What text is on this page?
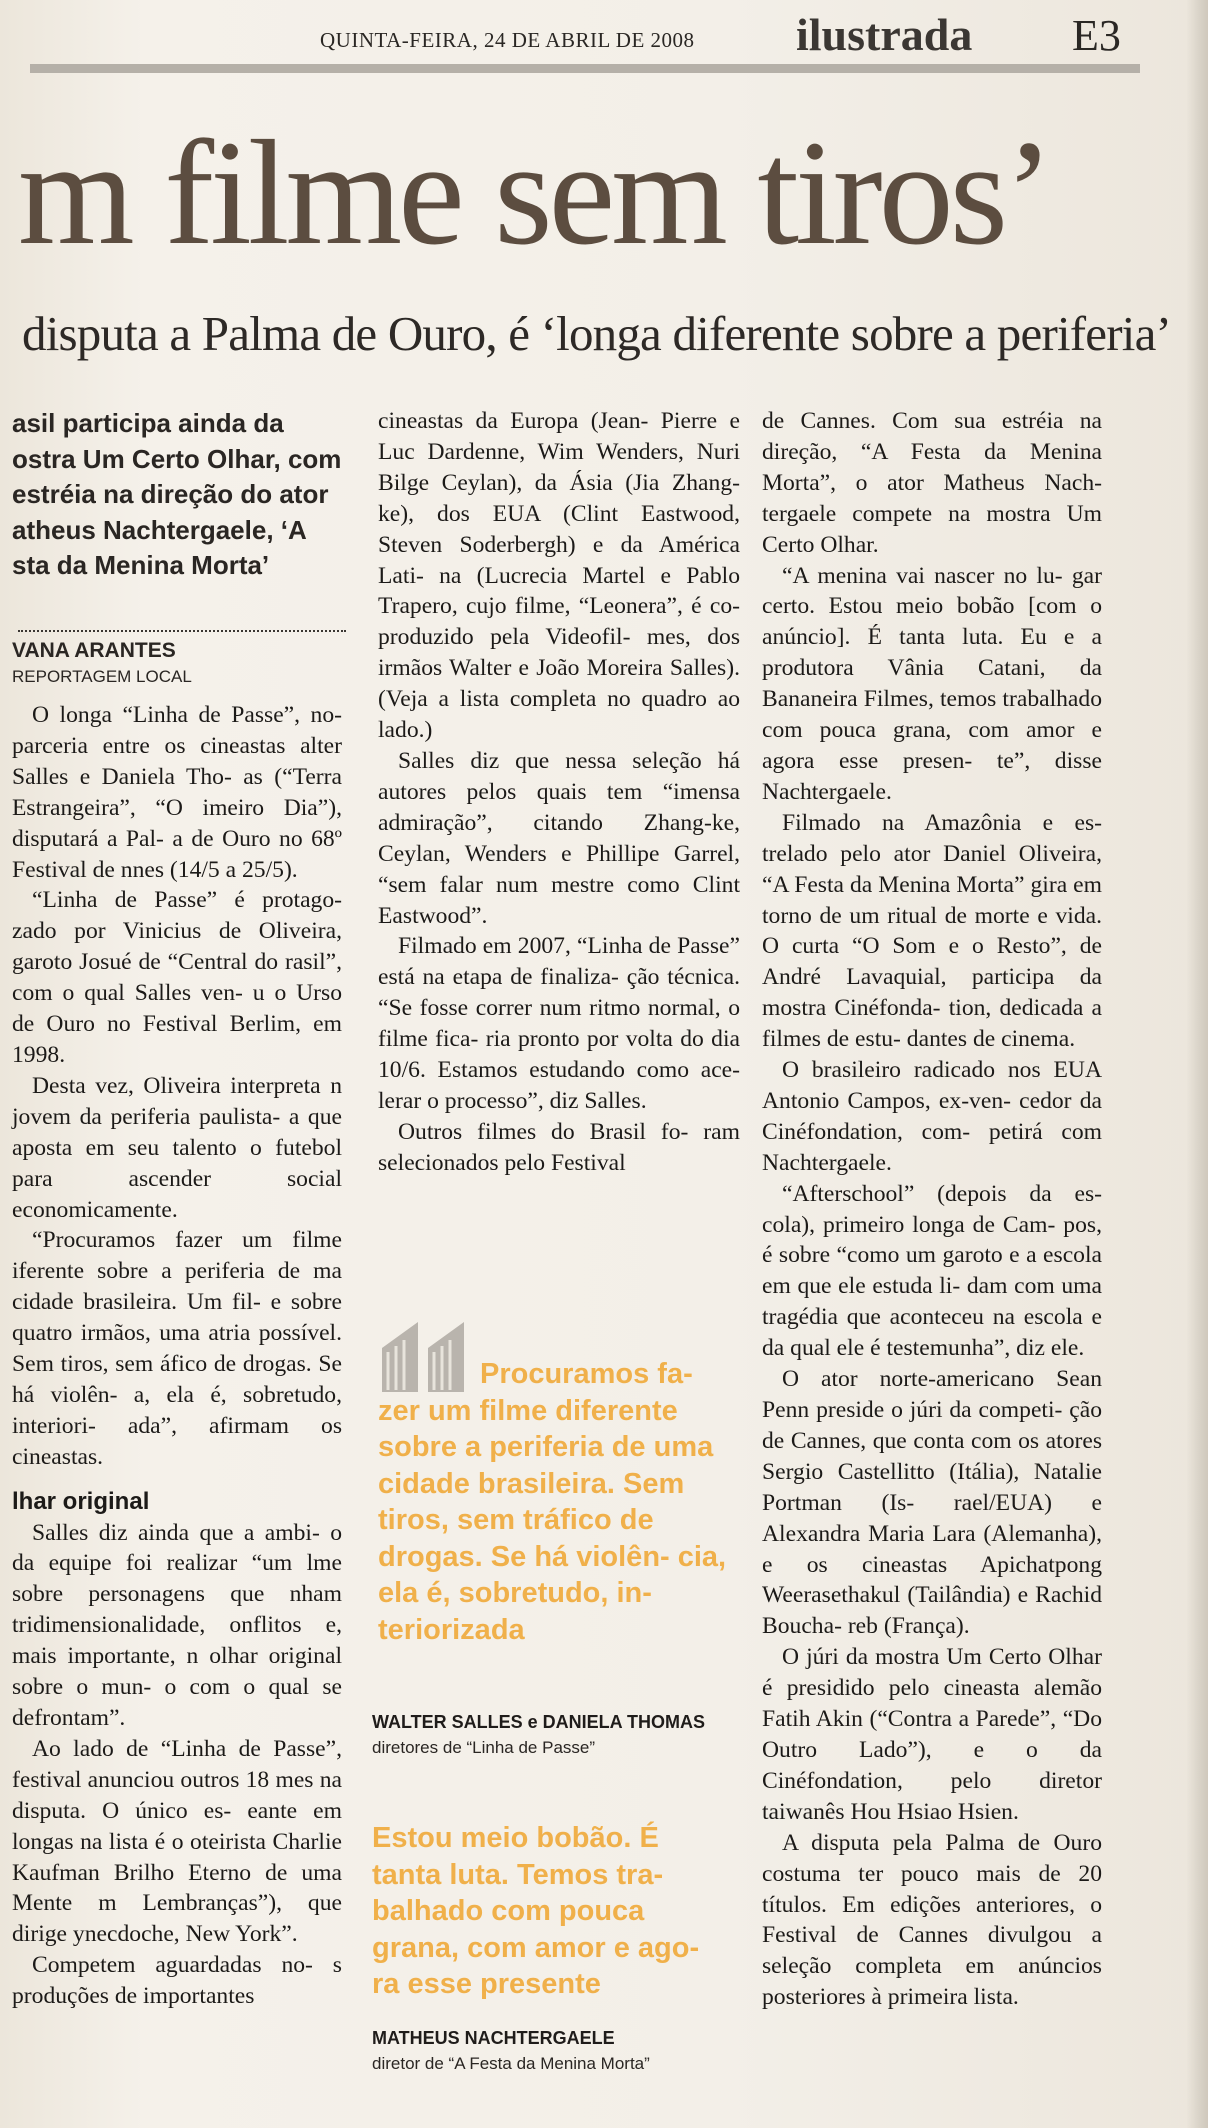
QUINTA-FEIRA, 24 DE ABRIL DE 2008 ilustrada E3
m filme sem tiros’
disputa a Palma de Ouro, é ‘longa diferente sobre a periferia’
asil participa ainda da
ostra Um Certo Olhar, com
estréia na direção do ator
atheus Nachtergaele, ‘A
sta da Menina Morta’
VANA ARANTES
REPORTAGEM LOCAL

O longa “Linha de Passe”, no- parceria entre os cineastas alter Salles e Daniela Tho- as (“Terra Estrangeira”, “O imeiro Dia”), disputará a Pal- a de Ouro no 68º Festival de nnes (14/5 a 25/5).

“Linha de Passe” é protago- zado por Vinicius de Oliveira, garoto Josué de “Central do rasil”, com o qual Salles ven- u o Urso de Ouro no Festival Berlim, em 1998.

Desta vez, Oliveira interpreta n jovem da periferia paulista- a que aposta em seu talento o futebol para ascender social economicamente.

“Procuramos fazer um filme iferente sobre a periferia de ma cidade brasileira. Um fil- e sobre quatro irmãos, uma atria possível. Sem tiros, sem áfico de drogas. Se há violên- a, ela é, sobretudo, interiori- ada”, afirmam os cineastas.

lhar original

Salles diz ainda que a ambi- o da equipe foi realizar “um lme sobre personagens que nham tridimensionalidade, onflitos e, mais importante, n olhar original sobre o mun- o com o qual se defrontam”.

Ao lado de “Linha de Passe”, festival anunciou outros 18 mes na disputa. O único es- eante em longas na lista é o oteirista Charlie Kaufman Brilho Eterno de uma Mente m Lembranças”), que dirige ynecdoche, New York”.

Competem aguardadas no- s produções de importantes

cineastas da Europa (Jean- Pierre e Luc Dardenne, Wim Wenders, Nuri Bilge Ceylan), da Ásia (Jia Zhang-ke), dos EUA (Clint Eastwood, Steven Soderbergh) e da América Lati- na (Lucrecia Martel e Pablo Trapero, cujo filme, “Leonera”, é co-produzido pela Videofil- mes, dos irmãos Walter e João Moreira Salles). (Veja a lista completa no quadro ao lado.)

Salles diz que nessa seleção há autores pelos quais tem “imensa admiração”, citando Zhang-ke, Ceylan, Wenders e Phillipe Garrel, “sem falar num mestre como Clint Eastwood”.

Filmado em 2007, “Linha de Passe” está na etapa de finaliza- ção técnica. “Se fosse correr num ritmo normal, o filme fica- ria pronto por volta do dia 10/6. Estamos estudando como ace- lerar o processo”, diz Salles.

Outros filmes do Brasil fo- ram selecionados pelo Festival

Procuramos fa-
zer um filme diferente sobre a periferia de uma cidade brasileira. Sem tiros, sem tráfico de drogas. Se há violên- cia, ela é, sobretudo, in- teriorizada
WALTER SALLES e DANIELA THOMAS
diretores de “Linha de Passe”
Estou meio bobão. É tanta luta. Temos tra- balhado com pouca grana, com amor e ago- ra esse presente
MATHEUS NACHTERGAELE
diretor de “A Festa da Menina Morta”

de Cannes. Com sua estréia na direção, “A Festa da Menina Morta”, o ator Matheus Nach- tergaele compete na mostra Um Certo Olhar.

“A menina vai nascer no lu- gar certo. Estou meio bobão [com o anúncio]. É tanta luta. Eu e a produtora Vânia Catani, da Bananeira Filmes, temos trabalhado com pouca grana, com amor e agora esse presen- te”, disse Nachtergaele.

Filmado na Amazônia e es- trelado pelo ator Daniel Oliveira, “A Festa da Menina Morta” gira em torno de um ritual de morte e vida. O curta “O Som e o Resto”, de André Lavaquial, participa da mostra Cinéfonda- tion, dedicada a filmes de estu- dantes de cinema.

O brasileiro radicado nos EUA Antonio Campos, ex-ven- cedor da Cinéfondation, com- petirá com Nachtergaele.

“Afterschool” (depois da es- cola), primeiro longa de Cam- pos, é sobre “como um garoto e a escola em que ele estuda li- dam com uma tragédia que aconteceu na escola e da qual ele é testemunha”, diz ele.

O ator norte-americano Sean Penn preside o júri da competi- ção de Cannes, que conta com os atores Sergio Castellitto (Itália), Natalie Portman (Is- rael/EUA) e Alexandra Maria Lara (Alemanha), e os cineastas Apichatpong Weerasethakul (Tailândia) e Rachid Boucha- reb (França).

O júri da mostra Um Certo Olhar é presidido pelo cineasta alemão Fatih Akin (“Contra a Parede”, “Do Outro Lado”), e o da Cinéfondation, pelo diretor taiwanês Hou Hsiao Hsien.

A disputa pela Palma de Ouro costuma ter pouco mais de 20 títulos. Em edições anteriores, o Festival de Cannes divulgou a seleção completa em anúncios posteriores à primeira lista.
